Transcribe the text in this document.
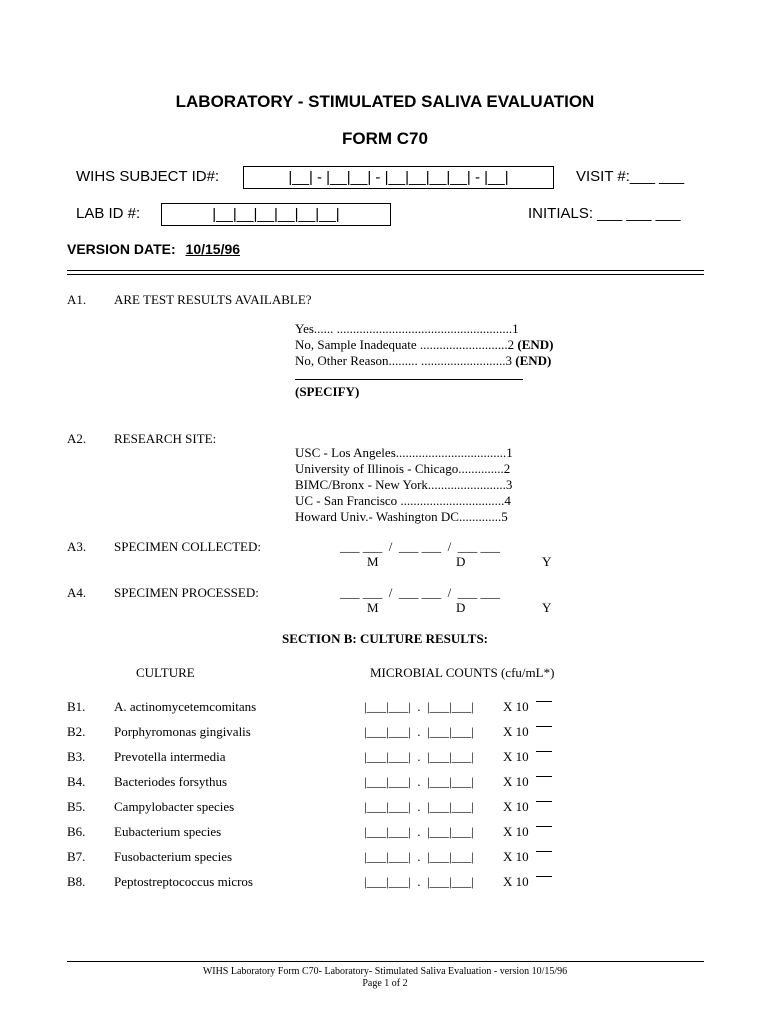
LABORATORY - STIMULATED SALIVA EVALUATION
FORM C70
WIHS SUBJECT ID#:	|__| - |__|__| - |__|__|__|__| - |__|	VISIT #:___ ___
LAB ID #:	|__|__|__|__|__|__|	INITIALS: ___ ___ ___
VERSION DATE: 10/15/96
A1. ARE TEST RESULTS AVAILABLE?
Yes...... ......................................................1
No, Sample Inadequate ...........................2 (END)
No, Other Reason......... ..........................3 (END)
(SPECIFY)
A2. RESEARCH SITE:
USC - Los Angeles..................................1
University of Illinois - Chicago..............2
BIMC/Bronx - New York........................3
UC - San Francisco ................................4
Howard Univ.- Washington DC.............5
A3. SPECIMEN COLLECTED:	___ ___  /  ___ ___  /  ___ ___
M	D	Y
A4. SPECIMEN PROCESSED:	___ ___  /  ___ ___  /  ___ ___
M	D	Y
SECTION B: CULTURE RESULTS:
CULTURE	MICROBIAL COUNTS (cfu/mL*)
B1. A. actinomycetemcomitans	|___|___|  .  |___|___| X 10
B2. Porphyromonas gingivalis	|___|___|  .  |___|___| X 10
B3. Prevotella intermedia	|___|___|  .  |___|___| X 10
B4. Bacteriodes forsythus	|___|___|  .  |___|___| X 10
B5. Campylobacter species	|___|___|  .  |___|___| X 10
B6. Eubacterium species	|___|___|  .  |___|___| X 10
B7. Fusobacterium species	|___|___|  .  |___|___| X 10
B8. Peptostreptococcus micros	|___|___|  .  |___|___| X 10
WIHS Laboratory Form C70- Laboratory- Stimulated Saliva Evaluation - version 10/15/96
Page 1 of 2
